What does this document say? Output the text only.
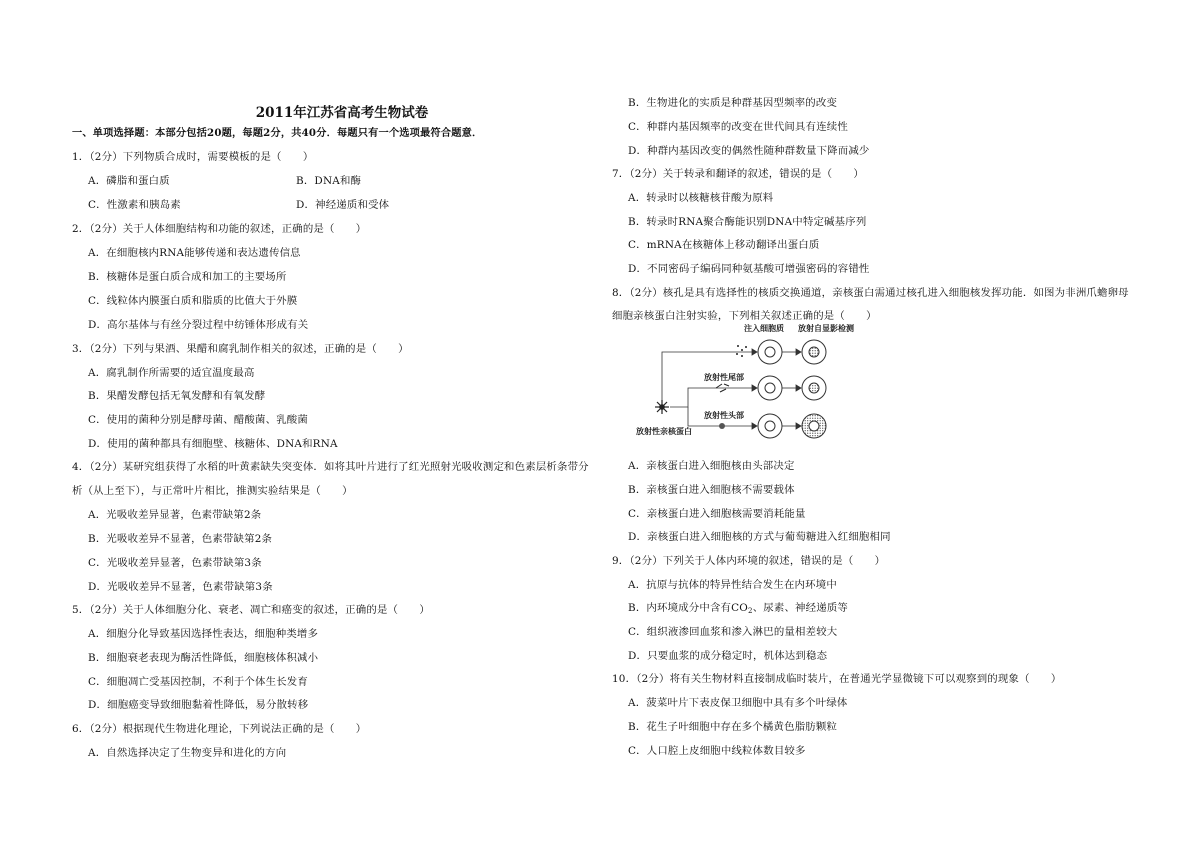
2011年江苏省高考生物试卷
一、单项选择题：本部分包括20题，每题2分，共40分．每题只有一个选项最符合题意．
1．（2分）下列物质合成时，需要模板的是（　　）
A．磷脂和蛋白质	B．DNA和酶
C．性激素和胰岛素	D．神经递质和受体
2．（2分）关于人体细胞结构和功能的叙述，正确的是（　　）
A．在细胞核内RNA能够传递和表达遗传信息
B．核糖体是蛋白质合成和加工的主要场所
C．线粒体内膜蛋白质和脂质的比值大于外膜
D．高尔基体与有丝分裂过程中纺锤体形成有关
3．（2分）下列与果酒、果醋和腐乳制作相关的叙述，正确的是（　　）
A．腐乳制作所需要的适宜温度最高
B．果醋发酵包括无氧发酵和有氧发酵
C．使用的菌种分别是酵母菌、醋酸菌、乳酸菌
D．使用的菌种都具有细胞壁、核糖体、DNA和RNA
4．（2分）某研究组获得了水稻的叶黄素缺失突变体．如将其叶片进行了红光照射光吸收测定和色素层析条带分
析（从上至下），与正常叶片相比，推测实验结果是（　　）
A．光吸收差异显著，色素带缺第2条
B．光吸收差异不显著，色素带缺第2条
C．光吸收差异显著，色素带缺第3条
D．光吸收差异不显著，色素带缺第3条
5．（2分）关于人体细胞分化、衰老、凋亡和癌变的叙述，正确的是（　　）
A．细胞分化导致基因选择性表达，细胞种类增多
B．细胞衰老表现为酶活性降低，细胞核体积减小
C．细胞凋亡受基因控制，不利于个体生长发育
D．细胞癌变导致细胞黏着性降低，易分散转移
6．（2分）根据现代生物进化理论，下列说法正确的是（　　）
A．自然选择决定了生物变异和进化的方向
B．生物进化的实质是种群基因型频率的改变
C．种群内基因频率的改变在世代间具有连续性
D．种群内基因改变的偶然性随种群数量下降而减少
7．（2分）关于转录和翻译的叙述，错误的是（　　）
A．转录时以核糖核苷酸为原料
B．转录时RNA聚合酶能识别DNA中特定碱基序列
C．mRNA在核糖体上移动翻译出蛋白质
D．不同密码子编码同种氨基酸可增强密码的容错性
8．（2分）核孔是具有选择性的核质交换通道，亲核蛋白需通过核孔进入细胞核发挥功能．如图为非洲爪蟾卵母
细胞亲核蛋白注射实验，下列相关叙述正确的是（　　）
注入细胞质 放射自显影检测
放射性尾部
放射性头部
放射性亲核蛋白
A．亲核蛋白进入细胞核由头部决定
B．亲核蛋白进入细胞核不需要载体
C．亲核蛋白进入细胞核需要消耗能量
D．亲核蛋白进入细胞核的方式与葡萄糖进入红细胞相同
9．（2分）下列关于人体内环境的叙述，错误的是（　　）
A．抗原与抗体的特异性结合发生在内环境中
B．内环境成分中含有$CO_2$、尿素、神经递质等
C．组织液渗回血浆和渗入淋巴的量相差较大
D．只要血浆的成分稳定时，机体达到稳态
10．（2分）将有关生物材料直接制成临时装片，在普通光学显微镜下可以观察到的现象（　　）
A．菠菜叶片下表皮保卫细胞中具有多个叶绿体
B．花生子叶细胞中存在多个橘黄色脂肪颗粒
C．人口腔上皮细胞中线粒体数目较多
